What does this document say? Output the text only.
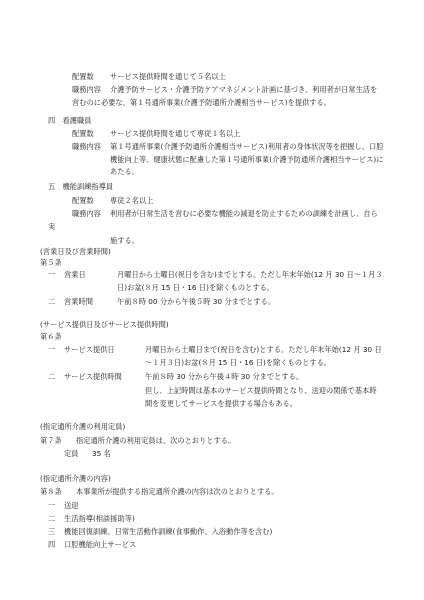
配置数 サービス提供時間を通じて５名以上
職務内容 介護予防サービス・介護予防ケアマネジメント計画に基づき、利用者が日常生活を
営むのに必要な、第１号通所事業(介護予防通所介護相当サービス)を提供する。
四　看護職員
配置数 サービス提供時間を通じて専従１名以上
職務内容 第１号通所事業(介護予防通所介護相当サービス)利用者の身体状況等を把握し、口腔
機能向上等、健康状態に配慮した第１号通所事業(介護予防通所介護相当サービス)に
あたる。
五　機能訓練指導員
配置数 専従２名以上
職務内容 利用者が日常生活を営むに必要な機能の減退を防止するための訓練を計画し、自ら
実
施する。
(営業日及び営業時間)
第５条
一 営業日	月曜日から土曜日(祝日を含む)までとする。ただし年末年始(12 月 30 日～１月３
日)お盆(８月 15 日・16 日)を除くものとする。
二 営業時間	午前８時 00 分から午後５時 30 分までとする。
(サービス提供日及びサービス提供時間)
第６条
一 サービス提供日	月曜日から土曜日まで(祝日を含む)とする。ただし年末年始(12 月 30 日
～１月３日)お盆(８月 15 日・16 日)を除くものとする。
二 サービス提供時間	午前８時 30 分から午後４時 30 分までとする。
但し、上記時間は基本のサービス提供時間となり、送迎の関係で基本時
間を変更してサービスを提供する場合もある。
(指定通所介護の利用定員)
第７条 指定通所介護の利用定員は、次のとおりとする。
定員 35 名
(指定通所介護の内容)
第８条 本事業所が提供する指定通所介護の内容は次のとおりとする。
一 送迎
二 生活指導(相談援助等)
三 機能回復訓練、日常生活動作訓練(食事動作、入浴動作等を含む)
四 口腔機能向上サービス
